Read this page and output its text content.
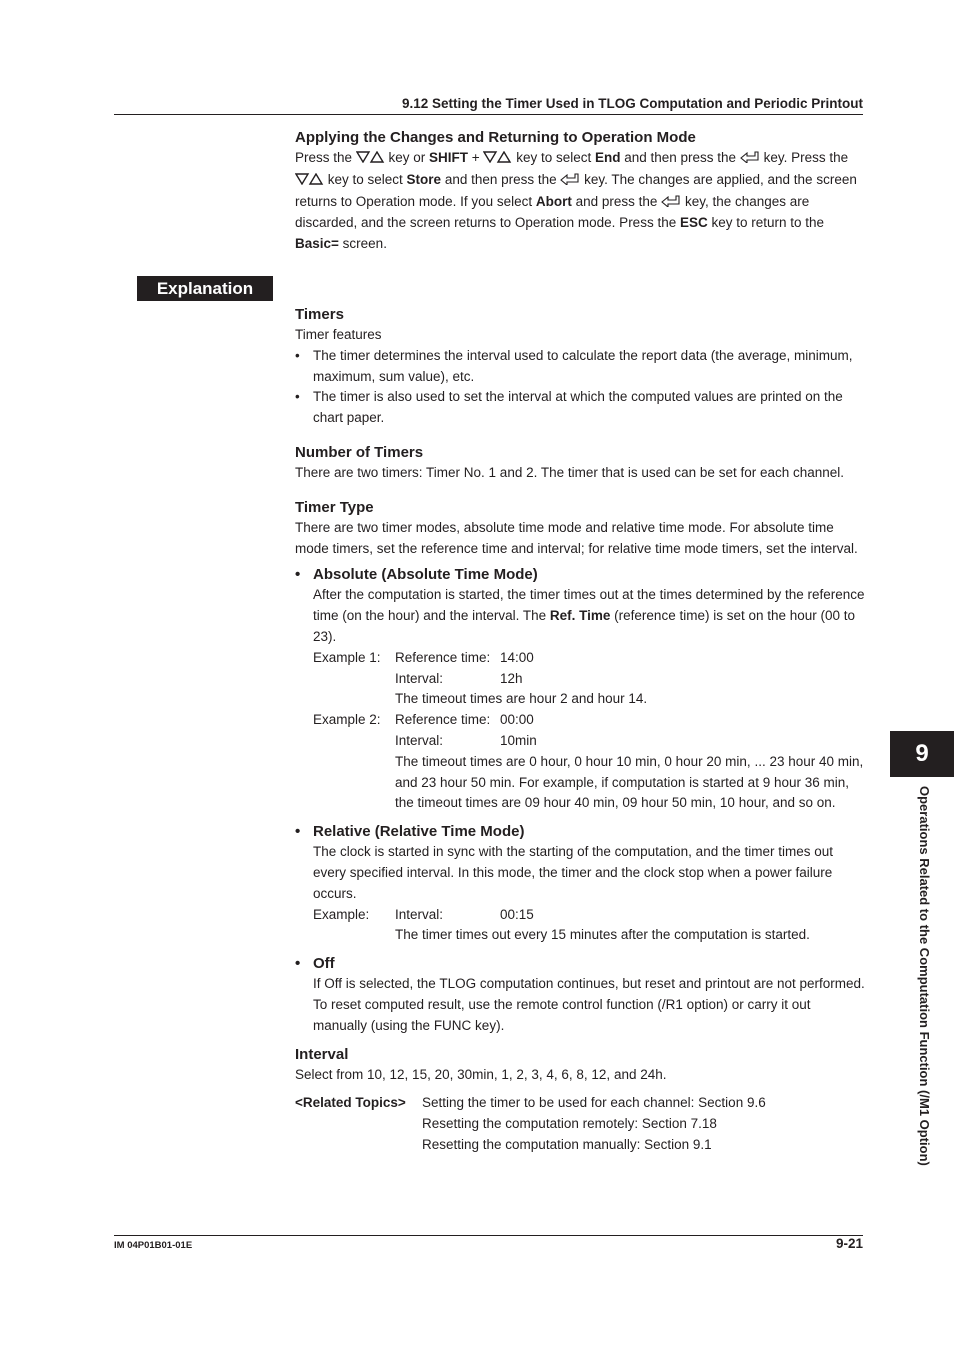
9.12 Setting the Timer Used in TLOG Computation and Periodic Printout
Applying the Changes and Returning to Operation Mode

Press the  key or SHIFT +  key to select End and then press the  key. Press the  key to select Store and then press the  key. The changes are applied, and the screen returns to Operation mode. If you select Abort and press the  key, the changes are discarded, and the screen returns to Operation mode. Press the ESC key to return to the Basic= screen.

Explanation
Timers

Timer features

• The timer determines the interval used to calculate the report data (the average, minimum, maximum, sum value), etc.
• The timer is also used to set the interval at which the computed values are printed on the chart paper.
Number of Timers

There are two timers: Timer No. 1 and 2. The timer that is used can be set for each channel.

Timer Type

There are two timer modes, absolute time mode and relative time mode. For absolute time mode timers, set the reference time and interval; for relative time mode timers, set the interval.

• Absolute (Absolute Time Mode)

After the computation is started, the timer times out at the times determined by the reference time (on the hour) and the interval. The Ref. Time (reference time) is set on the hour (00 to 23).

Example 1:	Reference time: 14:00
Interval:	12h
The timeout times are hour 2 and hour 14.
Example 2:	Reference time: 00:00
Interval:	10min
The timeout times are 0 hour, 0 hour 10 min, 0 hour 20 min, ... 23 hour 40 min, and 23 hour 50 min. For example, if computation is started at 9 hour 36 min, the timeout times are 09 hour 40 min, 09 hour 50 min, 10 hour, and so on.
• Relative (Relative Time Mode)

The clock is started in sync with the starting of the computation, and the timer times out every specified interval. In this mode, the timer and the clock stop when a power failure occurs.

Example:	Interval:	00:15
The timer times out every 15 minutes after the computation is started.
• Off

If Off is selected, the TLOG computation continues, but reset and printout are not performed. To reset computed result, use the remote control function (/R1 option) or carry it out manually (using the FUNC key).

Interval

Select from 10, 12, 15, 20, 30min, 1, 2, 3, 4, 6, 8, 12, and 24h.

<Related Topics>	Setting the timer to be used for each channel: Section 9.6
Resetting the computation remotely: Section 7.18
Resetting the computation manually: Section 9.1
9
Operations Related to the Computation Function (/M1 Option)
IM 04P01B01-01E	9-21
